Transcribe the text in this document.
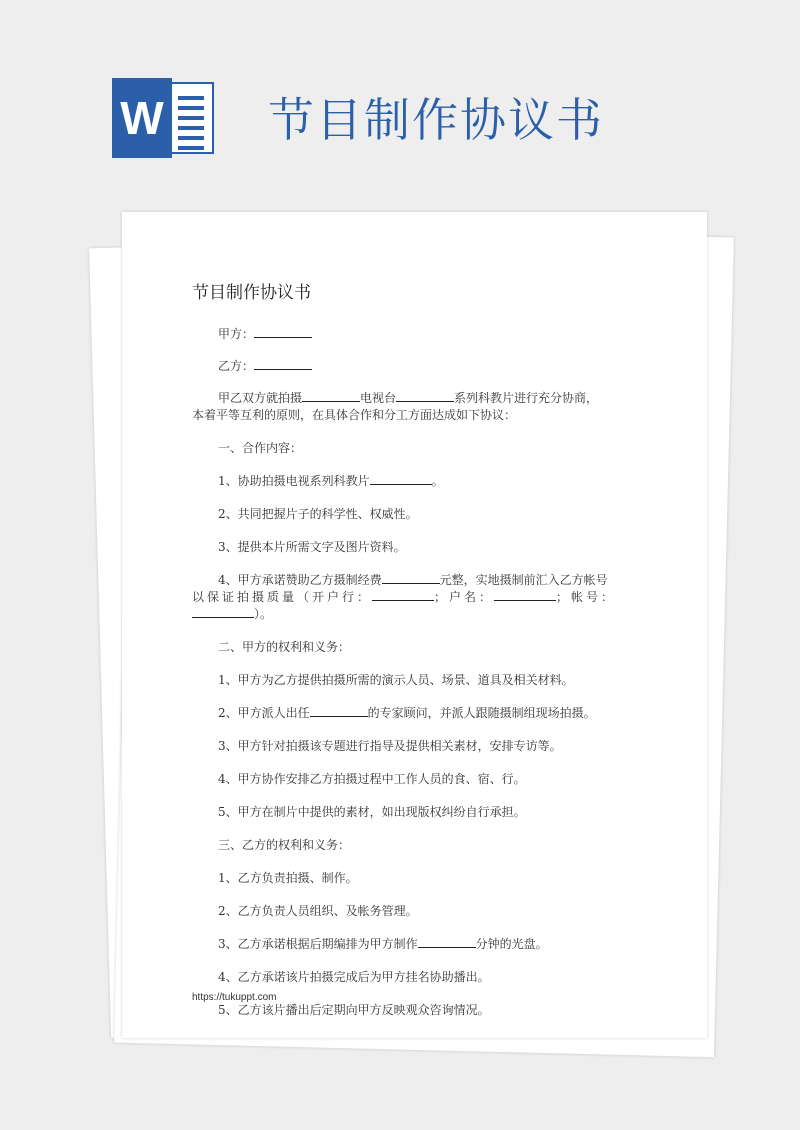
W 节目制作协议书
节目制作协议书
甲方：
乙方：
甲乙双方就拍摄	电视台	系列科教片进行充分协商，
本着平等互利的原则，在具体合作和分工方面达成如下协议：
一、合作内容：
1、协助拍摄电视系列科教片	。
2、共同把握片子的科学性、权威性。
3、提供本片所需文字及图片资料。
4、甲方承诺赞助乙方摄制经费	元整，实地摄制前汇入乙方帐号
以保证拍摄质量（开户行：	；户名：	；帐号：
）。
二、甲方的权利和义务：
1、甲方为乙方提供拍摄所需的演示人员、场景、道具及相关材料。
2、甲方派人出任	的专家顾问，并派人跟随摄制组现场拍摄。
3、甲方针对拍摄该专题进行指导及提供相关素材，安排专访等。
4、甲方协作安排乙方拍摄过程中工作人员的食、宿、行。
5、甲方在制片中提供的素材，如出现版权纠纷自行承担。
三、乙方的权利和义务：
1、乙方负责拍摄、制作。
2、乙方负责人员组织、及帐务管理。
3、乙方承诺根据后期编排为甲方制作	分钟的光盘。
4、乙方承诺该片拍摄完成后为甲方挂名协助播出。
5、乙方该片播出后定期向甲方反映观众咨询情况。
https://tukuppt.com
